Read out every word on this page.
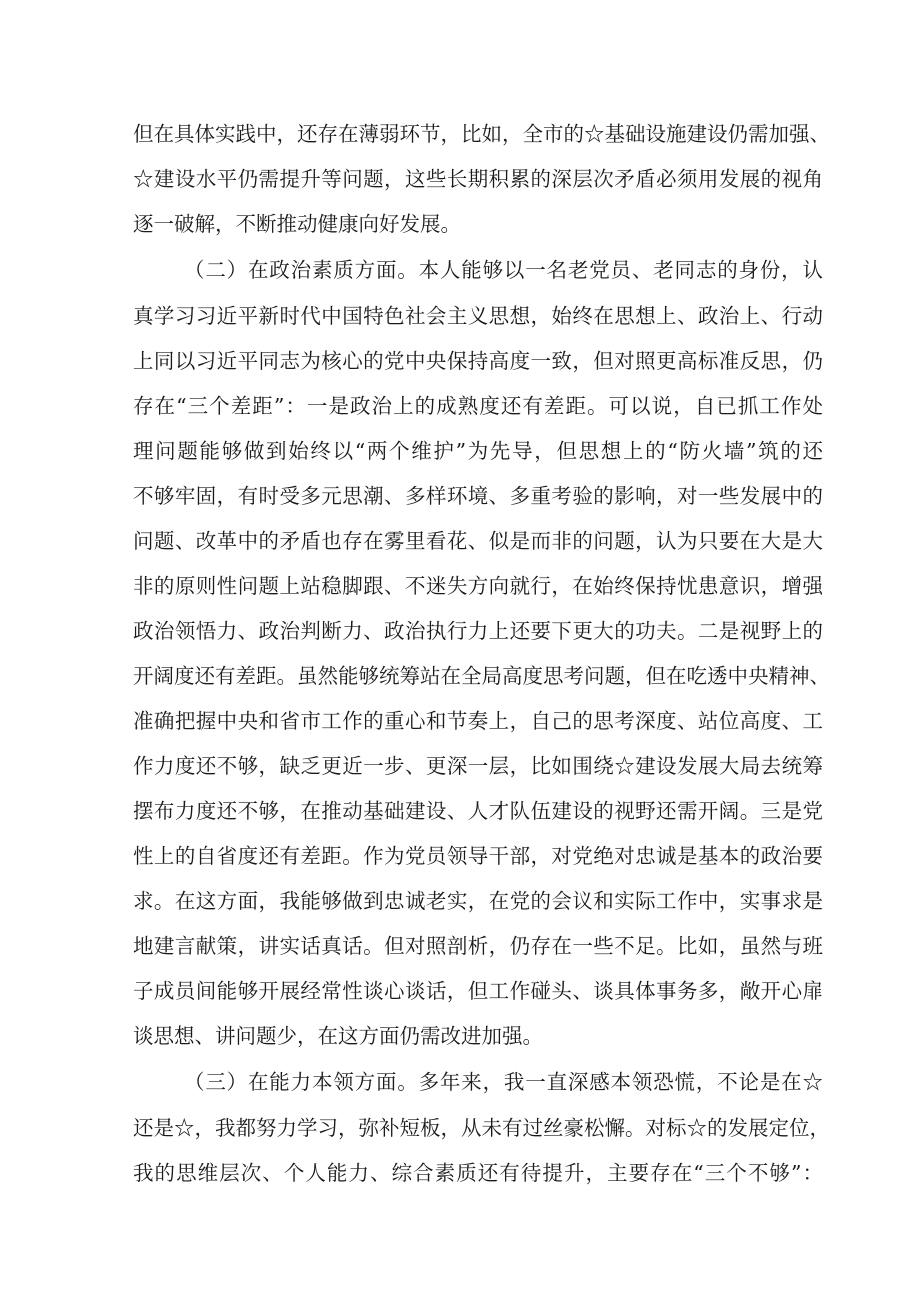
但在具体实践中，还存在薄弱环节，比如，全市的☆基础设施建设仍需加强、
☆建设水平仍需提升等问题，这些长期积累的深层次矛盾必须用发展的视角
逐一破解，不断推动健康向好发展。
（二）在政治素质方面。本人能够以一名老党员、老同志的身份，认
真学习习近平新时代中国特色社会主义思想，始终在思想上、政治上、行动
上同以习近平同志为核心的党中央保持高度一致，但对照更高标准反思，仍
存在“三个差距”：一是政治上的成熟度还有差距。可以说，自已抓工作处
理问题能够做到始终以“两个维护”为先导，但思想上的“防火墙”筑的还
不够牢固，有时受多元思潮、多样环境、多重考验的影响，对一些发展中的
问题、改革中的矛盾也存在雾里看花、似是而非的问题，认为只要在大是大
非的原则性问题上站稳脚跟、不迷失方向就行，在始终保持忧患意识，增强
政治领悟力、政治判断力、政治执行力上还要下更大的功夫。二是视野上的
开阔度还有差距。虽然能够统筹站在全局高度思考问题，但在吃透中央精神、
准确把握中央和省市工作的重心和节奏上，自己的思考深度、站位高度、工
作力度还不够，缺乏更近一步、更深一层，比如围绕☆建设发展大局去统筹
摆布力度还不够，在推动基础建设、人才队伍建设的视野还需开阔。三是党
性上的自省度还有差距。作为党员领导干部，对党绝对忠诚是基本的政治要
求。在这方面，我能够做到忠诚老实，在党的会议和实际工作中，实事求是
地建言献策，讲实话真话。但对照剖析，仍存在一些不足。比如，虽然与班
子成员间能够开展经常性谈心谈话，但工作碰头、谈具体事务多，敞开心扉
谈思想、讲问题少，在这方面仍需改进加强。
（三）在能力本领方面。多年来，我一直深感本领恐慌，不论是在☆
还是☆，我都努力学习，弥补短板，从未有过丝豪松懈。对标☆的发展定位，
我的思维层次、个人能力、综合素质还有待提升，主要存在“三个不够”：
